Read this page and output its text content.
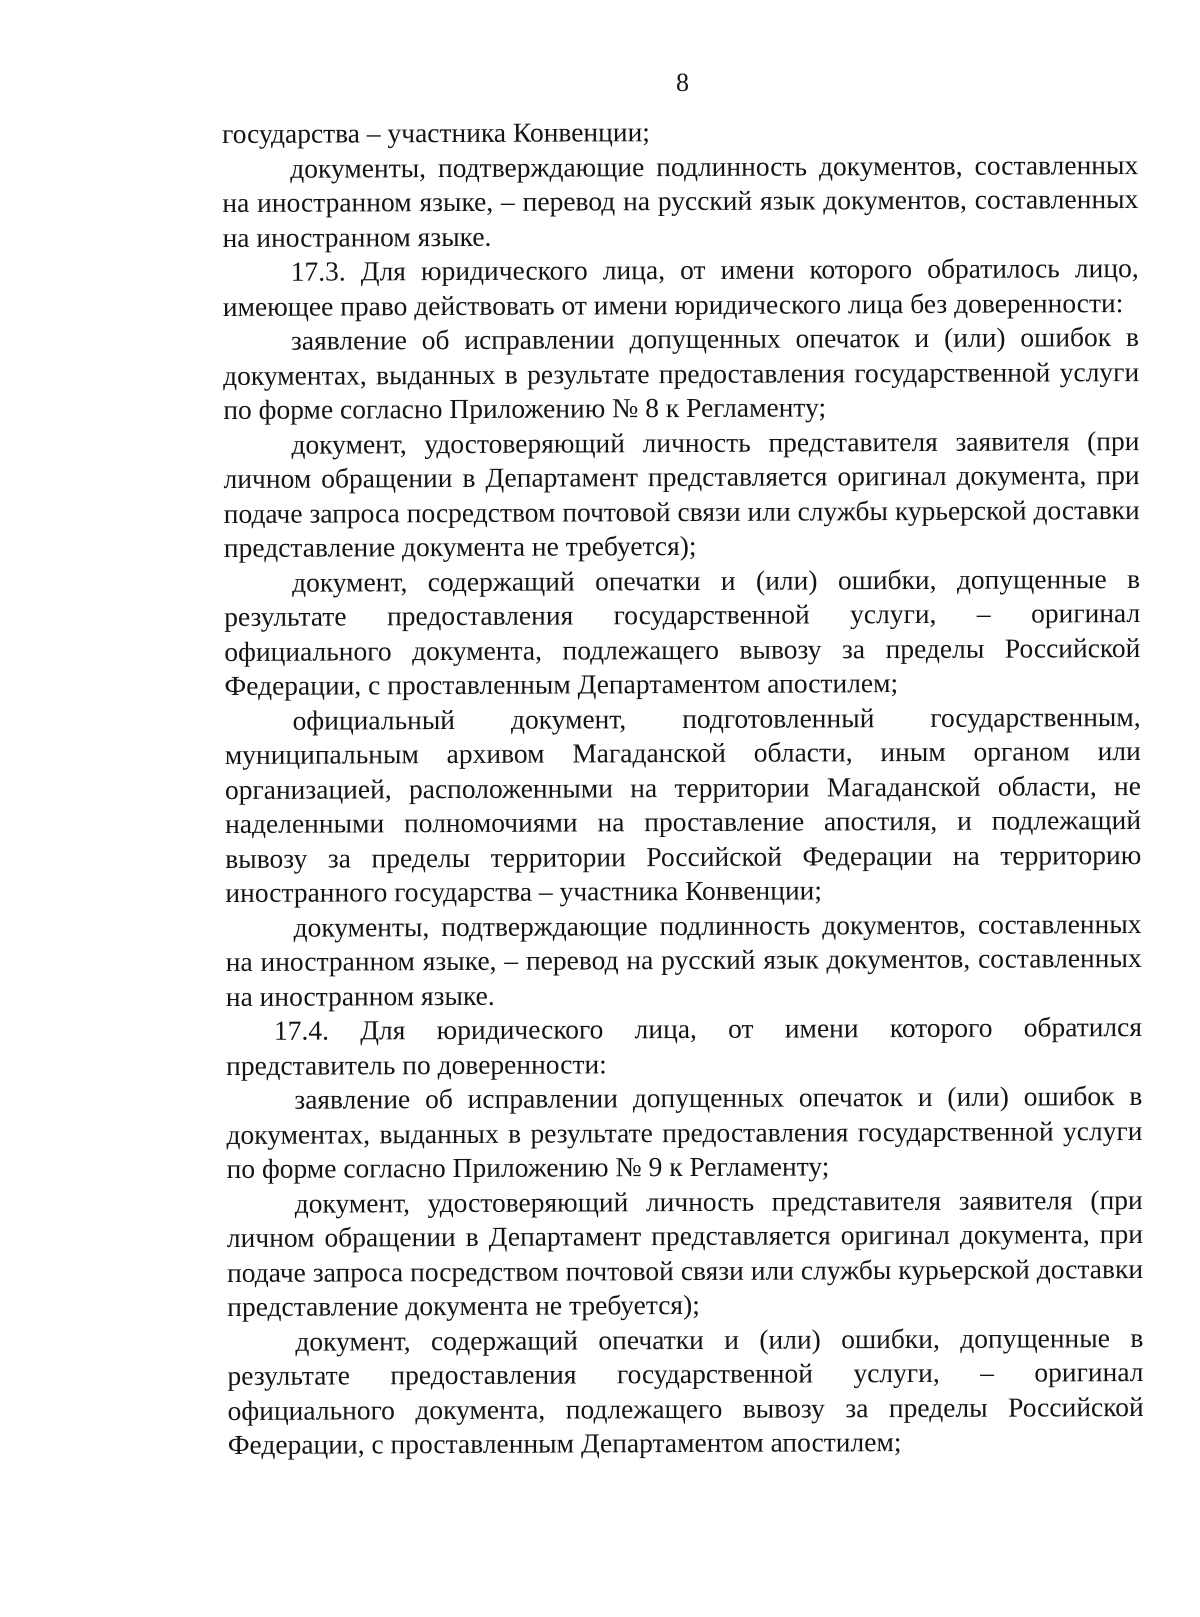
8

государства – участника Конвенции;

документы, подтверждающие подлинность документов, составленных на иностранном языке, – перевод на русский язык документов, составленных на иностранном языке.

17.3. Для юридического лица, от имени которого обратилось лицо, имеющее право действовать от имени юридического лица без доверенности:

заявление об исправлении допущенных опечаток и (или) ошибок в документах, выданных в результате предоставления государственной услуги по форме согласно Приложению № 8 к Регламенту;

документ, удостоверяющий личность представителя заявителя (при личном обращении в Департамент представляется оригинал документа, при подаче запроса посредством почтовой связи или службы курьерской доставки представление документа не требуется);

документ, содержащий опечатки и (или) ошибки, допущенные в результате предоставления государственной услуги, – оригинал официального документа, подлежащего вывозу за пределы Российской Федерации, с проставленным Департаментом апостилем;

официальный документ, подготовленный государственным, муниципальным архивом Магаданской области, иным органом или организацией, расположенными на территории Магаданской области, не наделенными полномочиями на проставление апостиля, и подлежащий вывозу за пределы территории Российской Федерации на территорию иностранного государства – участника Конвенции;

документы, подтверждающие подлинность документов, составленных на иностранном языке, – перевод на русский язык документов, составленных на иностранном языке.

17.4. Для юридического лица, от имени которого обратился представитель по доверенности:

заявление об исправлении допущенных опечаток и (или) ошибок в документах, выданных в результате предоставления государственной услуги по форме согласно Приложению № 9 к Регламенту;

документ, удостоверяющий личность представителя заявителя (при личном обращении в Департамент представляется оригинал документа, при подаче запроса посредством почтовой связи или службы курьерской доставки представление документа не требуется);

документ, содержащий опечатки и (или) ошибки, допущенные в результате предоставления государственной услуги, – оригинал официального документа, подлежащего вывозу за пределы Российской Федерации, с проставленным Департаментом апостилем;
